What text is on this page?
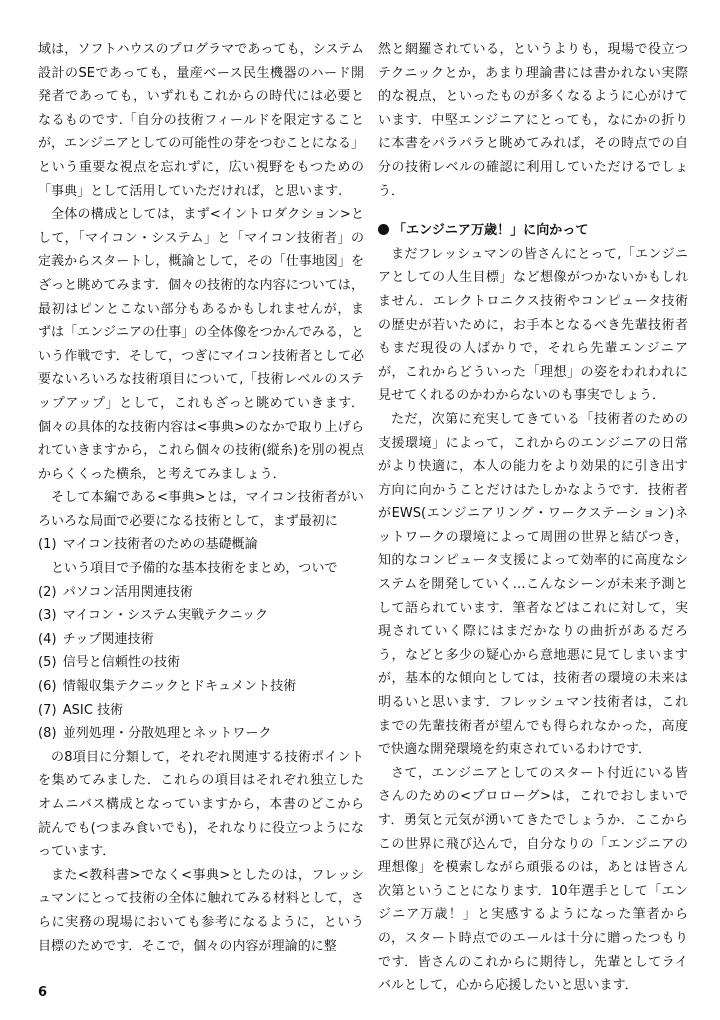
域は，ソフトハウスのプログラマであっても，システム設計のSEであっても，量産ベース民生機器のハード開発者であっても，いずれもこれからの時代には必要となるものです.「自分の技術フィールドを限定することが，エンジニアとしての可能性の芽をつむことになる」という重要な視点を忘れずに，広い視野をもつための「事典」として活用していただければ，と思います.

全体の構成としては，まず<イントロダクション>として，「マイコン・システム」と「マイコン技術者」の定義からスタートし，概論として，その「仕事地図」をざっと眺めてみます．個々の技術的な内容については，最初はピンとこない部分もあるかもしれませんが，まずは「エンジニアの仕事」の全体像をつかんでみる，という作戦です．そして，つぎにマイコン技術者として必要ないろいろな技術項目について,「技術レベルのステップアップ」として，これもざっと眺めていきます．個々の具体的な技術内容は<事典>のなかで取り上げられていきますから，これら個々の技術(縦糸)を別の視点からくくった横糸，と考えてみましょう．

そして本編である<事典>とは，マイコン技術者がいろいろな局面で必要になる技術として，まず最初に

(1) マイコン技術者のための基礎概論
という項目で予備的な基本技術をまとめ，ついで
(2) パソコン活用関連技術
(3) マイコン・システム実戦テクニック
(4) チップ関連技術
(5) 信号と信頼性の技術
(6) 情報収集テクニックとドキュメント技術
(7) ASIC 技術
(8) 並列処理・分散処理とネットワーク

の8項目に分類して，それぞれ関連する技術ポイントを集めてみました．これらの項目はそれぞれ独立したオムニバス構成となっていますから，本書のどこから読んでも(つまみ食いでも)，それなりに役立つようになっています．

また<教科書>でなく<事典>としたのは，フレッシュマンにとって技術の全体に触れてみる材料として，さらに実務の現場においても参考になるように，という目標のためです．そこで，個々の内容が理論的に整

然と網羅されている，というよりも，現場で役立つテクニックとか，あまり理論書には書かれない実際的な視点，といったものが多くなるように心がけています．中堅エンジニアにとっても，なにかの折りに本書をパラパラと眺めてみれば，その時点での自分の技術レベルの確認に利用していただけるでしょう．

「エンジニア万歳！」に向かって

まだフレッシュマンの皆さんにとって,「エンジニアとしての人生目標」など想像がつかないかもしれません．エレクトロニクス技術やコンピュータ技術の歴史が若いために，お手本となるべき先輩技術者もまだ現役の人ばかりで，それら先輩エンジニアが，これからどういった「理想」の姿をわれわれに見せてくれるのかわからないのも事実でしょう．

ただ，次第に充実してきている「技術者のための支援環境」によって，これからのエンジニアの日常がより快適に，本人の能力をより効果的に引き出す方向に向かうことだけはたしかなようです．技術者がEWS(エンジニアリング・ワークステーション)ネットワークの環境によって周囲の世界と結びつき，知的なコンピュータ支援によって効率的に高度なシステムを開発していく…こんなシーンが未来予測として語られています．筆者などはこれに対して，実現されていく際にはまだかなりの曲折があるだろう，などと多少の疑心から意地悪に見てしまいますが，基本的な傾向としては，技術者の環境の未来は明るいと思います．フレッシュマン技術者は，これまでの先輩技術者が望んでも得られなかった，高度で快適な開発環境を約束されているわけです．

さて，エンジニアとしてのスタート付近にいる皆さんのための<プロローグ>は，これでおしまいです．勇気と元気が湧いてきたでしょうか．ここからこの世界に飛び込んで，自分なりの「エンジニアの理想像」を模索しながら頑張るのは，あとは皆さん次第ということになります．10年選手として「エンジニア万歳！」と実感するようになった筆者からの，スタート時点でのエールは十分に贈ったつもりです．皆さんのこれからに期待し，先輩としてライバルとして，心から応援したいと思います．

6
